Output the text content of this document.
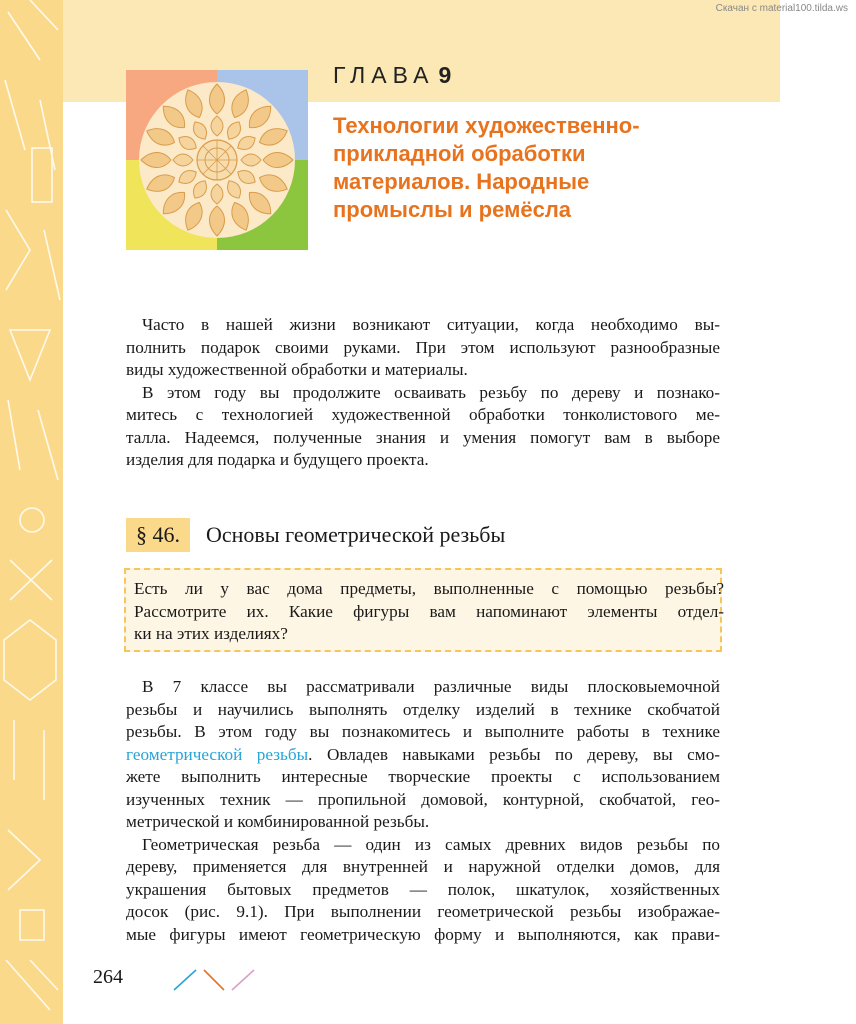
Скачан с material100.tilda.ws
ГЛАВА 9
Технологии художественно-
прикладной обработки
материалов. Народные
промыслы и ремёсла
Часто в нашей жизни возникают ситуации, когда необходимо вы-
полнить подарок своими руками. При этом используют разнообразные
виды художественной обработки и материалы.
В этом году вы продолжите осваивать резьбу по дереву и познако-
митесь с технологией художественной обработки тонколистового ме-
талла. Надеемся, полученные знания и умения помогут вам в выборе
изделия для подарка и будущего проекта.
§ 46.	Основы геометрической резьбы
Есть ли у вас дома предметы, выполненные с помощью резьбы?
Рассмотрите их. Какие фигуры вам напоминают элементы отдел-
ки на этих изделиях?
В 7 классе вы рассматривали различные виды плосковыемочной
резьбы и научились выполнять отделку изделий в технике скобчатой
резьбы. В этом году вы познакомитесь и выполните работы в технике
геометрической резьбы. Овладев навыками резьбы по дереву, вы смо-
жете выполнить интересные творческие проекты с использованием
изученных техник — пропильной домовой, контурной, скобчатой, гео-
метрической и комбинированной резьбы.
Геометрическая резьба — один из самых древних видов резьбы по
дереву, применяется для внутренней и наружной отделки домов, для
украшения бытовых предметов — полок, шкатулок, хозяйственных
досок (рис. 9.1). При выполнении геометрической резьбы изображае-
мые фигуры имеют геометрическую форму и выполняются, как прави-
264
